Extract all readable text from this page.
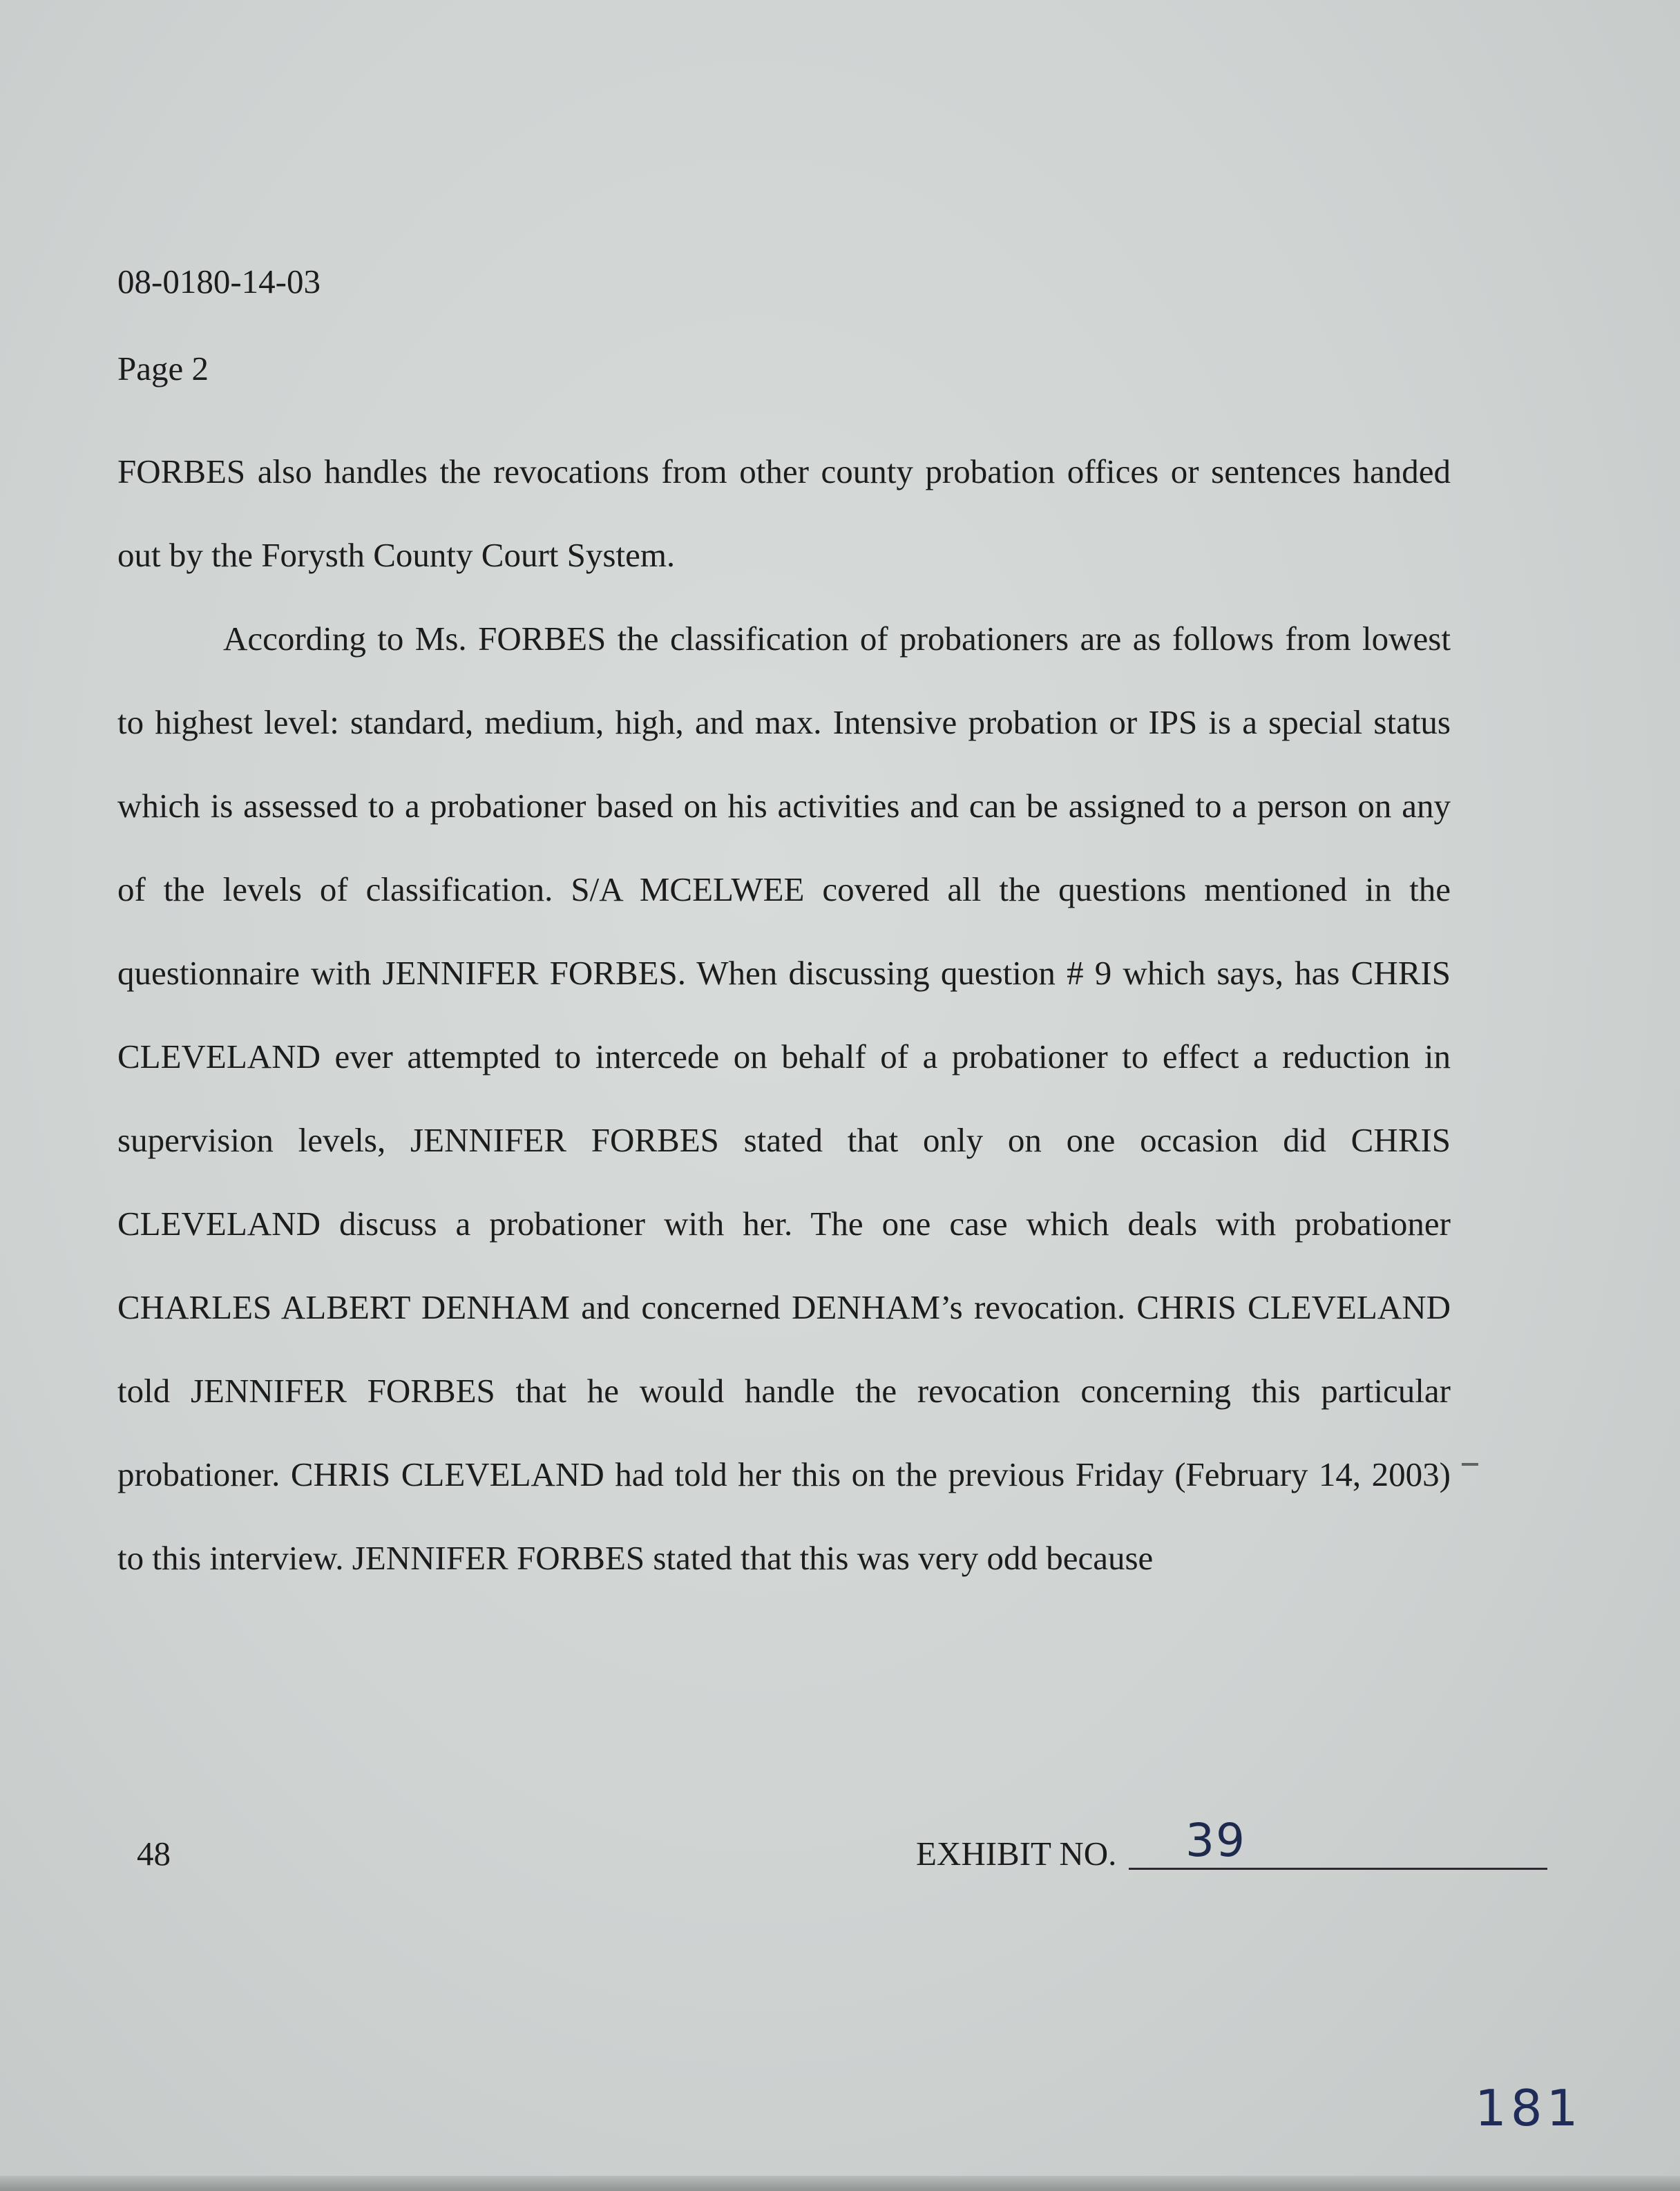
08-0180-14-03
Page 2

FORBES also handles the revocations from other county probation offices or sentences handed out by the Forysth County Court System.

According to Ms. FORBES the classification of probationers are as follows from lowest to highest level: standard, medium, high, and max. Intensive probation or IPS is a special status which is assessed to a probationer based on his activities and can be assigned to a person on any of the levels of classification. S/A MCELWEE covered all the questions mentioned in the questionnaire with JENNIFER FORBES. When discussing question # 9 which says, has CHRIS CLEVELAND ever attempted to intercede on behalf of a probationer to effect a reduction in supervision levels, JENNIFER FORBES stated that only on one occasion did CHRIS CLEVELAND discuss a probationer with her. The one case which deals with probationer CHARLES ALBERT DENHAM and concerned DENHAM’s revocation. CHRIS CLEVELAND told JENNIFER FORBES that he would handle the revocation concerning this particular probationer. CHRIS CLEVELAND had told her this on the previous Friday (February 14, 2003) to this interview. JENNIFER FORBES stated that this was very odd because

48	EXHIBIT NO. 39
181
